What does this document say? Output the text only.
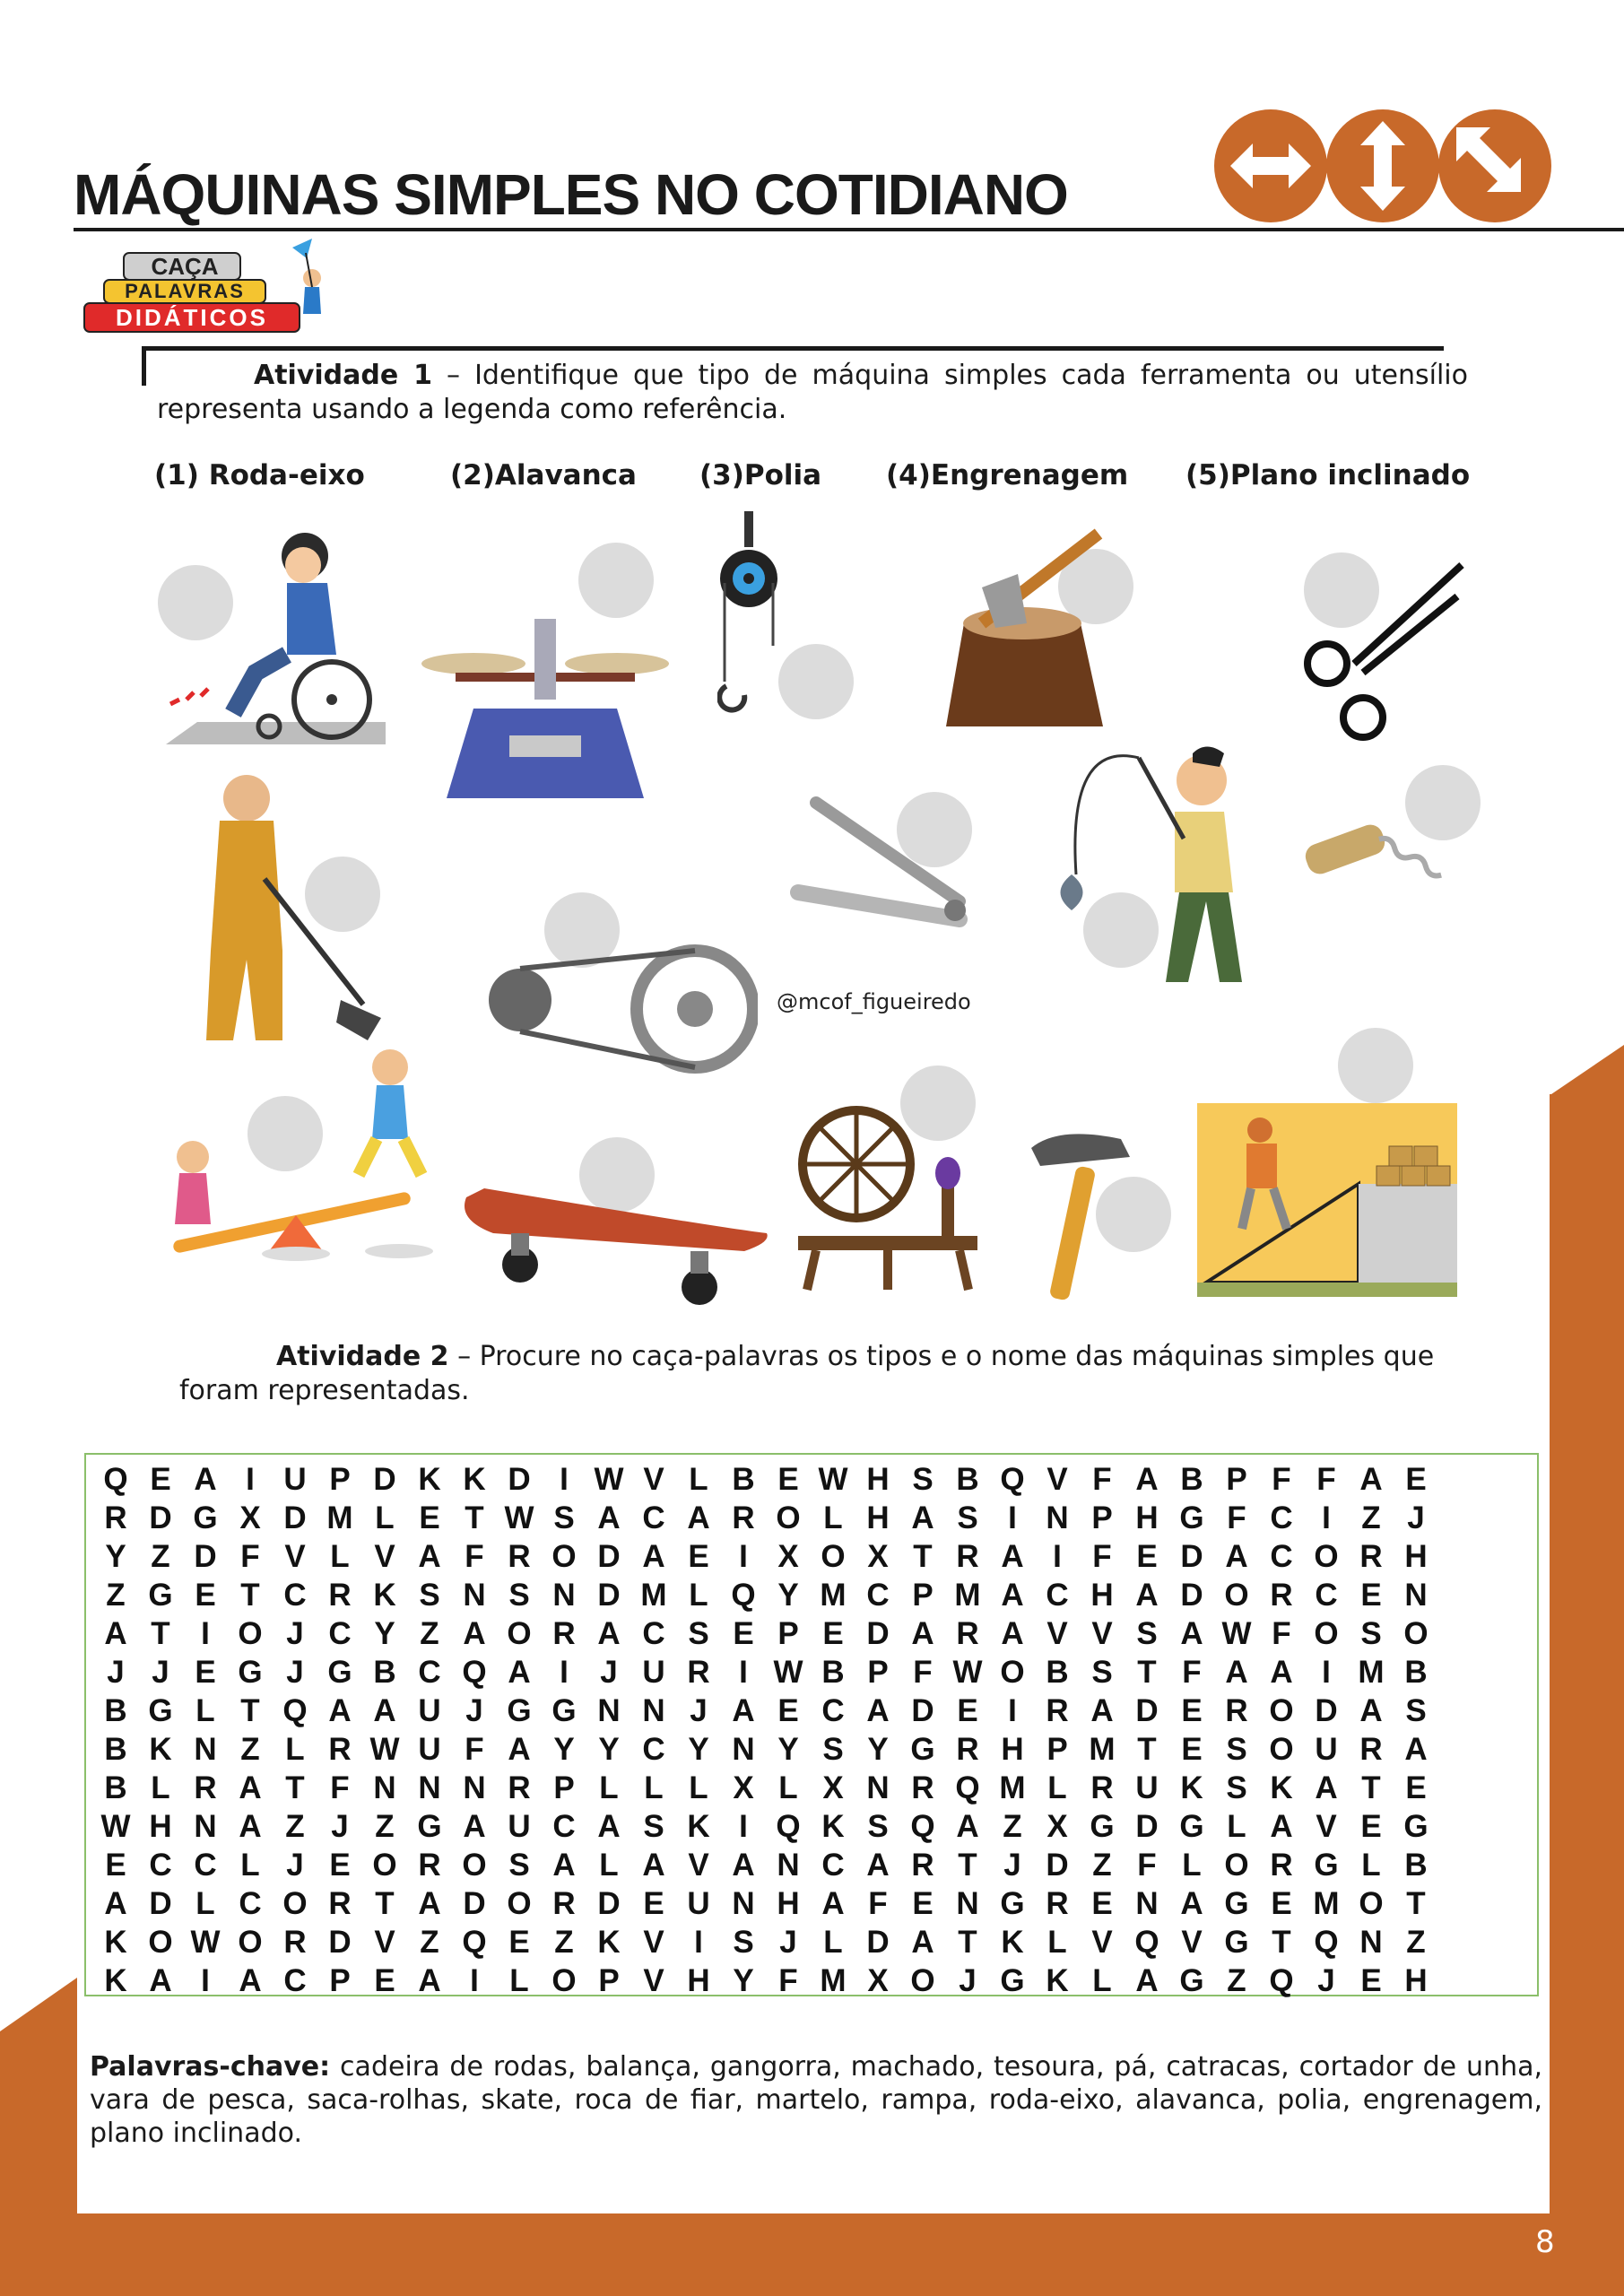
MÁQUINAS SIMPLES NO COTIDIANO
CAÇA
PALAVRAS
DIDÁTICOS
Atividade 1 – Identifique que tipo de máquina simples cada ferramenta ou utensílio
representa usando a legenda como referência.
(1) Roda-eixo	(2)Alavanca (3)Polia (4)Engrenagem (5)Plano inclinado
@mcof_figueiredo
Atividade 2 – Procure no caça-palavras os tipos e o nome das máquinas simples que
foram representadas.
Q E A I U P D K K D I W V L B E W H S B Q V F A B P F F A E
R D G X D M L E T W S A C A R O L H A S I N P H G F C I Z J
Y Z D F V L V A F R O D A E I X O X T R A I F E D A C O R H
Z G E T C R K S N S N D M L Q Y M C P M A C H A D O R C E N
A T I O J C Y Z A O R A C S E P E D A R A V V S A W F O S O
J J E G J G B C Q A I	J U R I W B P F W O B S T F A A I M B
B G L T Q A A U J G G N N J A E C A D E I R A D E R O D A S
B K N Z L R W U F A Y Y C Y N Y S Y G R H P M T E S O U R A
B L R A T F N N N R P L L L X L X N R Q M L R U K S K A T E
W H N A Z J Z G A U C A S K I Q K S Q A Z X G D G L A V E G
E C C L J E O R O S A L A V A N C A R T J D Z F L O R G L B
A D L C O R T A D O R D E U N H A F E N G R E N A G E M O T
K O W O R D V Z Q E Z K V I S J L D A T K L V Q V G T Q N Z
K A I A C P E A I L O P V H Y F M X O J G K L A G Z Q J E H
Palavras-chave: cadeira de rodas, balança, gangorra, machado, tesoura, pá, catracas, cortador de unha, vara de pesca, saca-rolhas, skate, roca de fiar, martelo, rampa, roda-eixo, alavanca, polia, engrenagem, plano inclinado.
8
